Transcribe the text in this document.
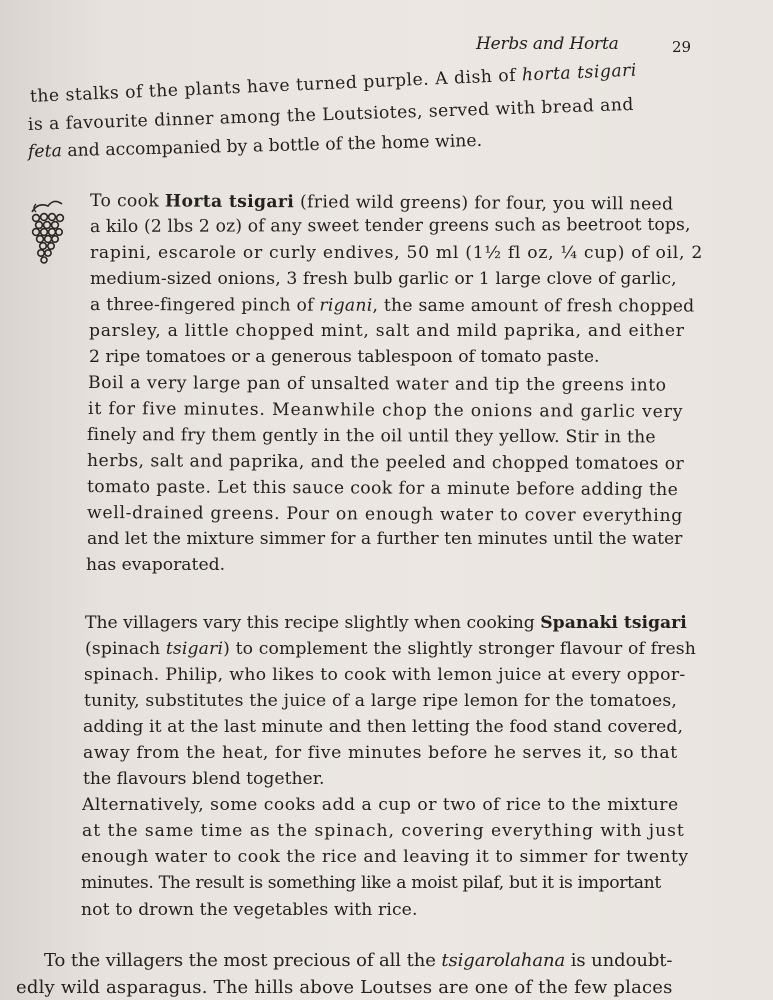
Herbs and Horta	29
the stalks of the plants have turned purple. A dish of horta tsigari
is a favourite dinner among the Loutsiotes, served with bread and
feta and accompanied by a bottle of the home wine.
To cook Horta tsigari (fried wild greens) for four, you will need
a kilo (2 lbs 2 oz) of any sweet tender greens such as beetroot tops,
rapini, escarole or curly endives, 50 ml (1½ fl oz, ¼ cup) of oil, 2
medium-sized onions, 3 fresh bulb garlic or 1 large clove of garlic,
a three-fingered pinch of rigani, the same amount of fresh chopped
parsley, a little chopped mint, salt and mild paprika, and either
2 ripe tomatoes or a generous tablespoon of tomato paste.
Boil a very large pan of unsalted water and tip the greens into
it for five minutes. Meanwhile chop the onions and garlic very
finely and fry them gently in the oil until they yellow. Stir in the
herbs, salt and paprika, and the peeled and chopped tomatoes or
tomato paste. Let this sauce cook for a minute before adding the
well-drained greens. Pour on enough water to cover everything
and let the mixture simmer for a further ten minutes until the water
has evaporated.
The villagers vary this recipe slightly when cooking Spanaki tsigari
(spinach tsigari) to complement the slightly stronger flavour of fresh
spinach. Philip, who likes to cook with lemon juice at every oppor-
tunity, substitutes the juice of a large ripe lemon for the tomatoes,
adding it at the last minute and then letting the food stand covered,
away from the heat, for five minutes before he serves it, so that
the flavours blend together.
Alternatively, some cooks add a cup or two of rice to the mixture
at the same time as the spinach, covering everything with just
enough water to cook the rice and leaving it to simmer for twenty
minutes. The result is something like a moist pilaf, but it is important
not to drown the vegetables with rice.
To the villagers the most precious of all the tsigarolahana is undoubt-
edly wild asparagus. The hills above Loutses are one of the few places
